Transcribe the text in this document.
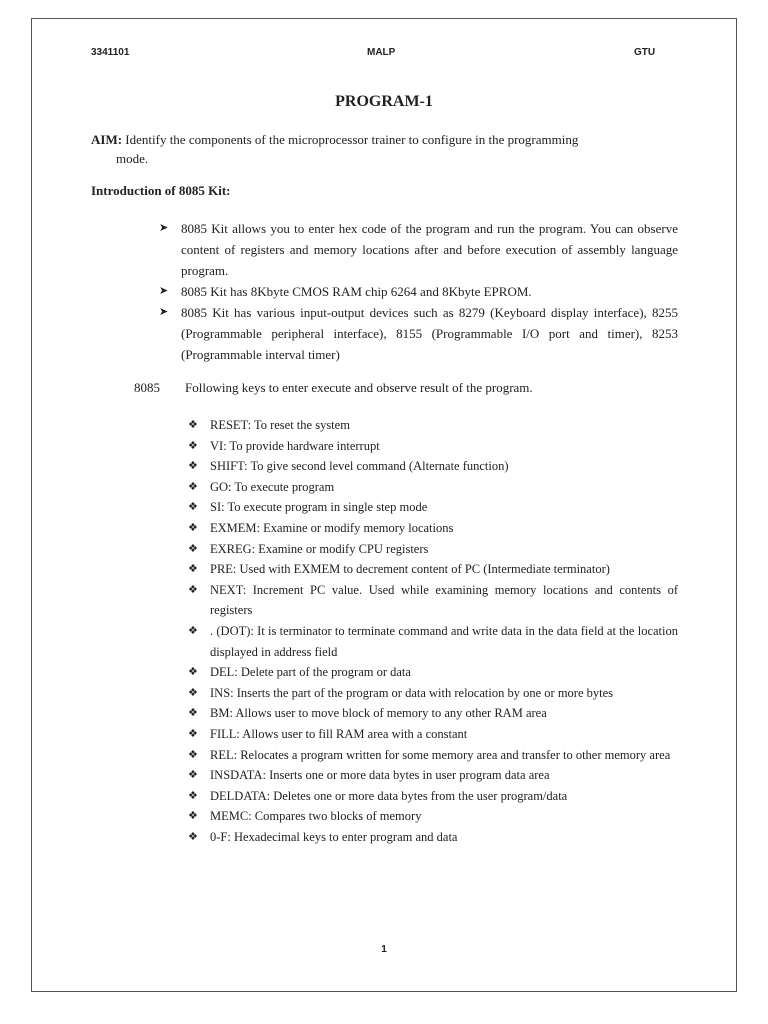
3341101	MALP	GTU
PROGRAM-1
AIM: Identify the components of the microprocessor trainer to configure in the programming
mode.
Introduction of 8085 Kit:
➤ 8085 Kit allows you to enter hex code of the program and run the program. You can observe content of registers and memory locations after and before execution of assembly language program.
➤ 8085 Kit has 8Kbyte CMOS RAM chip 6264 and 8Kbyte EPROM.
➤ 8085 Kit has various input-output devices such as 8279 (Keyboard display interface), 8255 (Programmable peripheral interface), 8155 (Programmable I/O port and timer), 8253 (Programmable interval timer)
8085 Following keys to enter execute and observe result of the program.
❖ RESET: To reset the system
❖ VI: To provide hardware interrupt
❖ SHIFT: To give second level command (Alternate function)
❖ GO: To execute program
❖ SI: To execute program in single step mode
❖ EXMEM: Examine or modify memory locations
❖ EXREG: Examine or modify CPU registers
❖ PRE: Used with EXMEM to decrement content of PC (Intermediate terminator)
❖ NEXT: Increment PC value. Used while examining memory locations and contents of registers
❖ . (DOT): It is terminator to terminate command and write data in the data field at the location displayed in address field
❖ DEL: Delete part of the program or data
❖ INS: Inserts the part of the program or data with relocation by one or more bytes
❖ BM: Allows user to move block of memory to any other RAM area
❖ FILL: Allows user to fill RAM area with a constant
❖ REL: Relocates a program written for some memory area and transfer to other memory area
❖ INSDATA: Inserts one or more data bytes in user program data area
❖ DELDATA: Deletes one or more data bytes from the user program/data
❖ MEMC: Compares two blocks of memory
❖ 0-F: Hexadecimal keys to enter program and data
1
